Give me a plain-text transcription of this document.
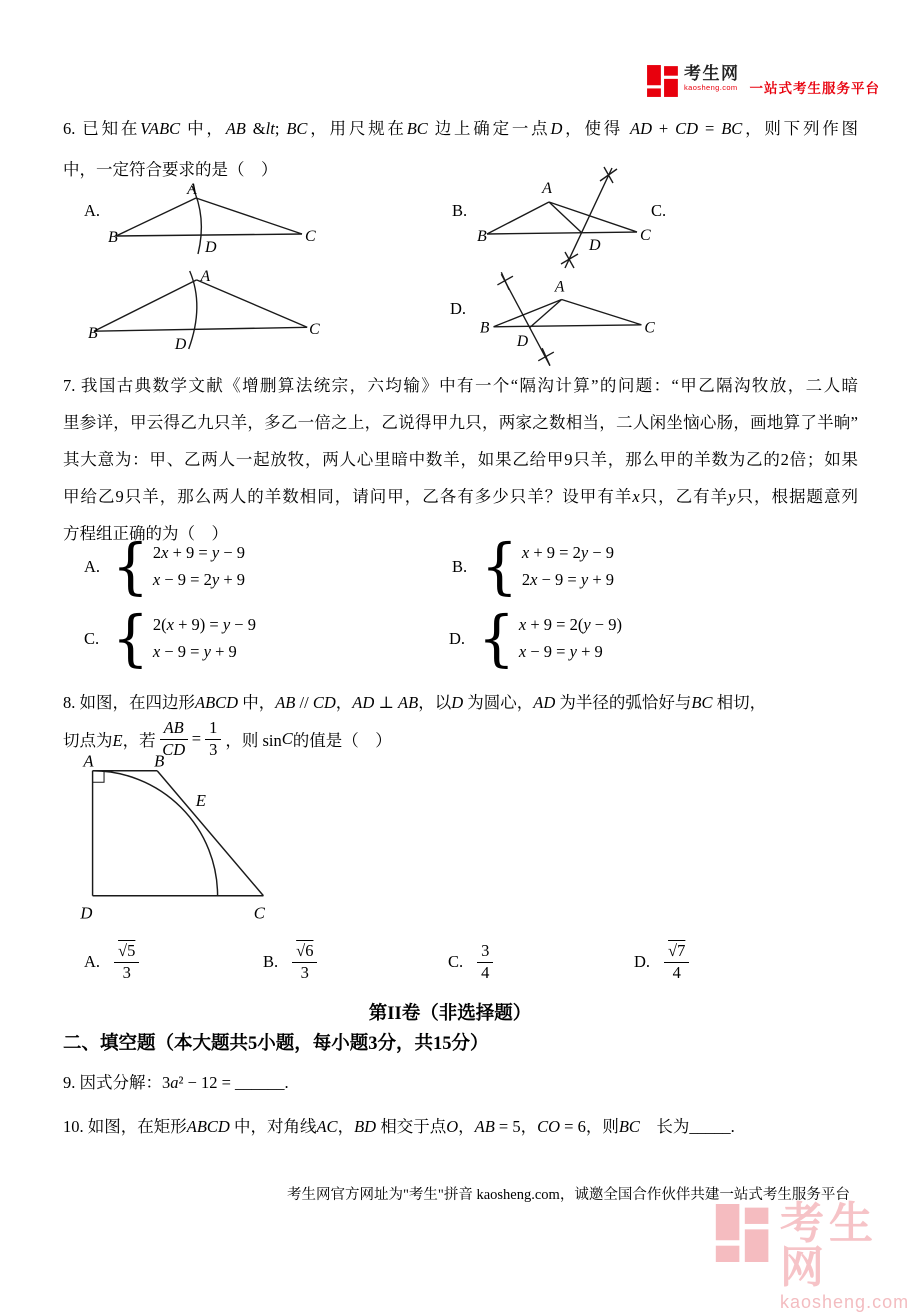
考生网
kaosheng.com 一站式考生服务平台
6. 已知在VABC 中，AB &lt; BC，用尺规在BC 边上确定一点D，使得 AD + CD = BC，则下列作图
中，一定符合要求的是（　）
A.
A
B	C
D
B.
A
B	C
D
C.
A
B	C
D
D.
A
B	C
D
7. 我国古典数学文献《增删算法统宗，六均输》中有一个“隔沟计算”的问题：“甲乙隔沟牧放，二人暗
里参详，甲云得乙九只羊，多乙一倍之上，乙说得甲九只，两家之数相当，二人闲坐恼心肠，画地算了半晌”
其大意为：甲、乙两人一起放牧，两人心里暗中数羊，如果乙给甲9只羊，那么甲的羊数为乙的2倍；如果
甲给乙9只羊，那么两人的羊数相同，请问甲，乙各有多少只羊？设甲有羊x只，乙有羊y只，根据题意列
方程组正确的为（　）
A. { 2x + 9 = y − 9
x − 9 = 2y + 9
B. { x + 9 = 2y − 9
2x − 9 = y + 9
C. { 2(x + 9) = y − 9
x − 9 = y + 9
D. { x + 9 = 2(y − 9)
x − 9 = y + 9
8. 如图，在四边形ABCD 中，AB // CD，AD ⊥ AB，以D 为圆心，AD 为半径的弧恰好与BC 相切，
切点为E，若 $\frac{AB}{CD} = \frac{1}{3}$ ，则 sin C 的值是（　）
A	B
E
D	C
A. $\frac{√5}{3}$	B. $\frac{√6}{3}$	C. $\frac{3}{4}$	D. $\frac{√7}{4}$
第II卷（非选择题）
二、填空题（本大题共5小题，每小题3分，共15分）
9. 因式分解：3a² − 12 = ______.
10. 如图，在矩形ABCD 中，对角线AC，BD 相交于点O，AB = 5，CO = 6，则BC　长为_____.
考生网官方网址为"考生"拼音 kaosheng.com，诚邀全国合作伙伴共建一站式考生服务平台
考生网
kaosheng.com
